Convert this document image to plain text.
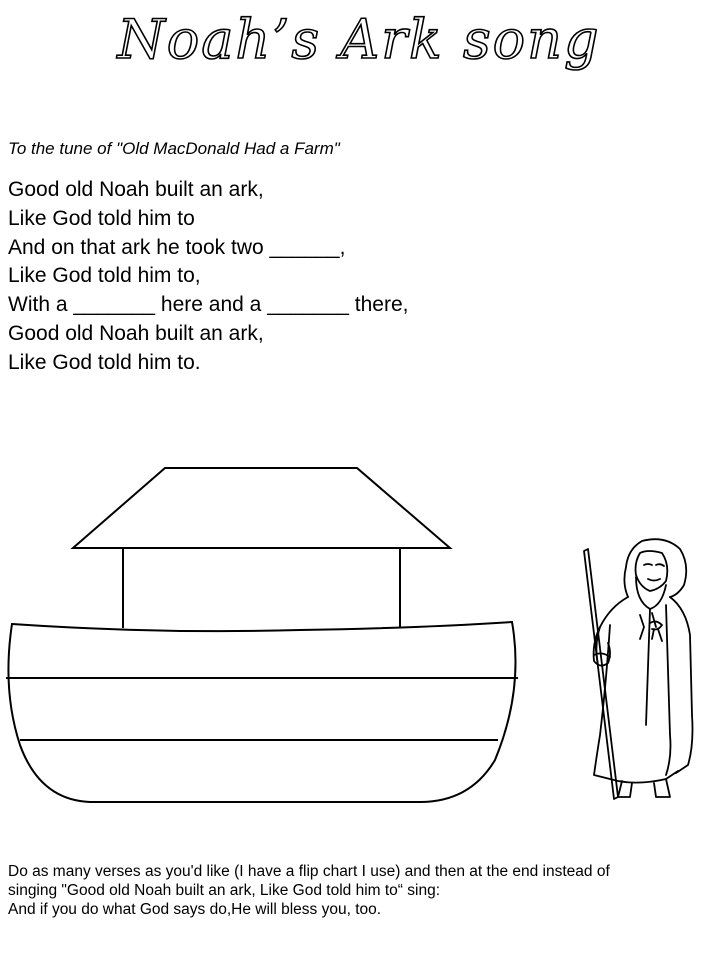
Noah’s Ark song
To the tune of "Old MacDonald Had a Farm"
Good old Noah built an ark,
Like God told him to
And on that ark he took two ______,
Like God told him to,
With a _______ here and a _______ there,
Good old Noah built an ark,
Like God told him to.
Do as many verses as you'd like (I have a flip chart I use) and then at the end instead of
singing "Good old Noah built an ark, Like God told him to“ sing:
And if you do what God says do,He will bless you, too.
